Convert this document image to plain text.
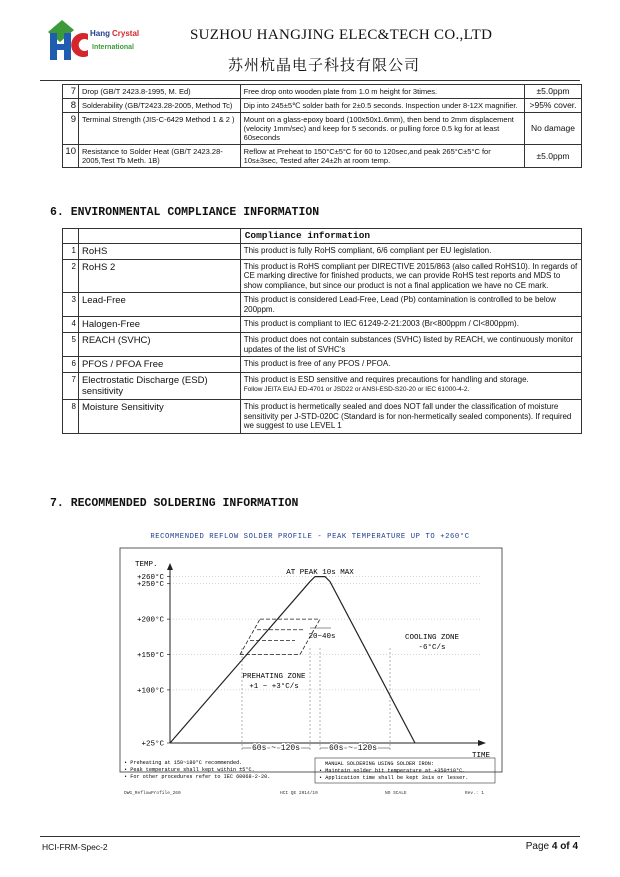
Hang Crystal
International
SUZHOU HANGJING ELEC&TECH CO.,LTD
苏州杭晶电子科技有限公司
7	Drop (GB/T 2423.8-1995, M. Ed)	Free drop onto wooden plate from 1.0 m height for 3times.	±5.0ppm
8	Solderability (GB/T2423.28-2005, Method Tc)	Dip into 245±5℃ solder bath for 2±0.5 seconds. Inspection under 8-12X magnifier.	>95% cover.
9	Terminal Strength (JIS-C-6429 Method 1 & 2 )	Mount on a glass-epoxy board (100x50x1.6mm), then bend to 2mm displacement (velocity 1mm/sec) and keep for 5 seconds. or pulling force 0.5 kg for at least 60seconds	No damage
10	Resistance to Solder Heat (GB/T 2423.28-2005,Test Tb Meth. 1B)	Reflow at Preheat to 150°C±5°C for 60 to 120sec,and peak 265°C±5°C for 10s±3sec, Tested after 24±2h at room temp.	±5.0ppm
6. ENVIRONMENTAL COMPLIANCE INFORMATION
		Compliance information
1	RoHS	This product is fully RoHS compliant, 6/6 compliant per EU legislation.

2	RoHS 2	This product is RoHS compliant per DIRECTIVE 2015/863 (also called RoHS10). In regards of CE marking directive for finished products, we can provide RoHS test reports and MDS to show compliance, but since our product is not a final application we have no CE mark.

3	Lead-Free	This product is considered Lead-Free, Lead (Pb) contamination is controlled to be below 200ppm.

4	Halogen-Free	This product is compliant to IEC 61249-2-21:2003 (Br<800ppm / Cl<800ppm).

5	REACH (SVHC)	This product does not contain substances (SVHC) listed by REACH, we continuously monitor updates of the list of SVHC's

6	PFOS / PFOA Free	This product is free of any PFOS / PFOA.

7	Electrostatic Discharge (ESD) sensitivity	This product is ESD sensitive and requires precautions for handling and storage.
Follow JEITA EIAJ ED-4701 or JSD22 or ANSI-ESD-S20-20 or IEC 61000-4-2.

8	Moisture Sensitivity	This product is hermetically sealed and does NOT fall under the classification of moisture sensitivity per J-STD-020C (Standard is for non-hermetically sealed components). If required we suggest to use LEVEL 1
7. RECOMMENDED SOLDERING INFORMATION
RECOMMENDED REFLOW SOLDER PROFILE - PEAK TEMPERATURE UP TO +260°C
+260°C
+250°C
+200°C
+150°C
+100°C
+25°C
TEMP.
TIME
AT PEAK 10s MAX
20~40s	COOLING ZONE
-6°C/s
PREHATING ZONE
+1 ~ +3°C/s
60s ~ 120s	60s ~ 120s
• Preheating at 150~180°C recommended.
• Peak temperature shall kept within ±5°C.
• For other procedures refer to IEC 60068-2-20.
MANUAL SOLDERING USING SOLDER IRON:
• Maintain solder bit temperature at +350±10°C.
• Application time shall be kept 3sis or lesser.
DWG_ReflowProfile_260	HCI QE 2014/10	NO SCALE	Rev.: 1
HCI-FRM-Spec-2	Page 4 of 4
